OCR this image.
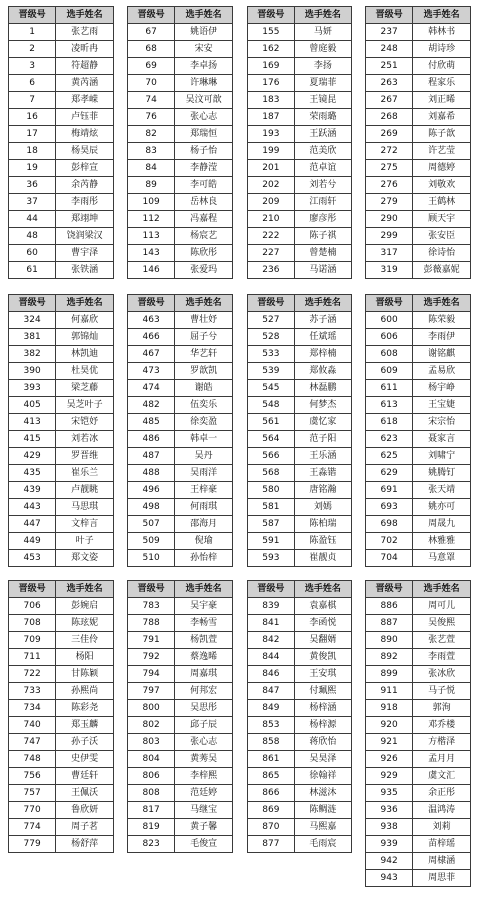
晋级号	选手姓名
1	张艺雨
2	凌昕冉
3	符超静
6	黄芮涵
7	郑孝嵘
16	卢钰菲
17	梅靖炫
18	杨昊辰
19	彭梓宣
36	余芮静
37	李雨彤
44	郑翊坤
48	饶润梁汉
60	曹宇泽
61	张铁涵
晋级号	选手姓名
67	姚语伊
68	宋安
69	李卓扬
70	许琳琳
74	吴汶可歆
76	张心志
82	郑瑞恒
83	杨子怡
84	李静滢
89	李可皓
109	岳林良
112	冯嘉程
113	杨宸艺
143	陈欣彤
146	张爱玛
晋级号	选手姓名
155	马妍
162	曾庭毅
169	李扬
176	夏瑞菲
183	王镜昆
187	荣雨璐
193	王跃涵
199	范美欣
201	范卓谊
202	刘若兮
209	江雨轩
210	廖彦彤
222	陈子祺
227	曾楚楠
236	马诺涵
晋级号	选手姓名
237	韩林书
248	胡诗珍
251	付欣萌
263	程家乐
267	刘正晞
268	刘嘉希
269	陈子歆
272	许艺莹
275	周德婷
276	刘敬欢
279	王鹤林
290	顾天宇
299	张安臣
317	徐诗怡
319	彭薇嘉妮
晋级号	选手姓名
324	何嘉欣
381	郭锦灿
382	林凯迪
390	杜昊优
393	梁芝藤
405	吴芝叶子
413	宋铠妤
415	刘若冰
429	罗晋维
435	崔乐兰
439	卢靓眺
443	马思琪
447	文梓言
449	叶子
453	郑文姿
晋级号	选手姓名
463	曹壮妤
466	屈子兮
467	华艺轩
473	罗歆凯
474	谢皓
482	伍奕乐
485	徐奕盈
486	韩卓一
487	吴丹
488	吴雨洋
496	王梓豪
498	何雨琪
507	邵海月
509	倪瑜
510	孙怡梓
晋级号	选手姓名
527	苏子涵
528	任斌瑶
533	郑梓楠
539	郑攸淼
545	林磊鹏
548	何梦杰
561	虞忆家
564	范子阳
566	王乐涵
568	王淼锴
580	唐铭瀚
581	刘嫣
587	陈柏瑞
591	陈盈钰
593	崔靓贞
晋级号	选手姓名
600	陈荣毅
606	李雨伊
608	谢铭麒
609	孟易欣
611	杨宇峥
613	王宝婕
618	宋宗怡
623	聂家言
625	刘啸宁
629	姚腾钉
691	张天靖
693	姚亦可
698	周晟九
702	林雅雅
704	马意罩
晋级号	选手姓名
706	彭婉启
708	陈玹妮
709	三佳伶
711	杨阳
722	甘陈颖
733	孙熙尚
734	陈彩尧
740	郑玉麟
747	孙子沃
748	史伊雯
756	曹廷轩
757	王佩沃
770	鲁欣妍
774	周子茗
779	杨舒萍
晋级号	选手姓名
783	吴宇豪
788	李畅雪
791	杨凯萱
792	蔡逸晞
794	周嘉琪
797	何邦宏
800	吴思彤
802	邱子辰
803	张心志
804	黄莠吴
806	李梓熙
808	范廷婷
817	马继宝
819	黄子馨
823	毛俊宣
晋级号	选手姓名
839	袁嘉棋
841	李函悦
842	吴翻婿
844	黄俊凯
846	王安琪
847	付珮熙
849	杨梓涵
853	杨梓源
858	蒋欣怡
861	吴昊泽
865	徐翰祥
866	林滋沐
869	陈鲷涟
870	马熙嘉
877	毛雨宸
晋级号	选手姓名
886	周可儿
887	吴俊熙
890	张艺萱
892	李雨萱
899	张冰欣
911	马子悦
918	郭洵
920	邓乔楼
921	方楷泽
926	孟月月
929	虞文汇
935	余正彤
936	温鸿涛
938	刘莉
939	苗梓瑶
942	周棣涵
943	周思菲
